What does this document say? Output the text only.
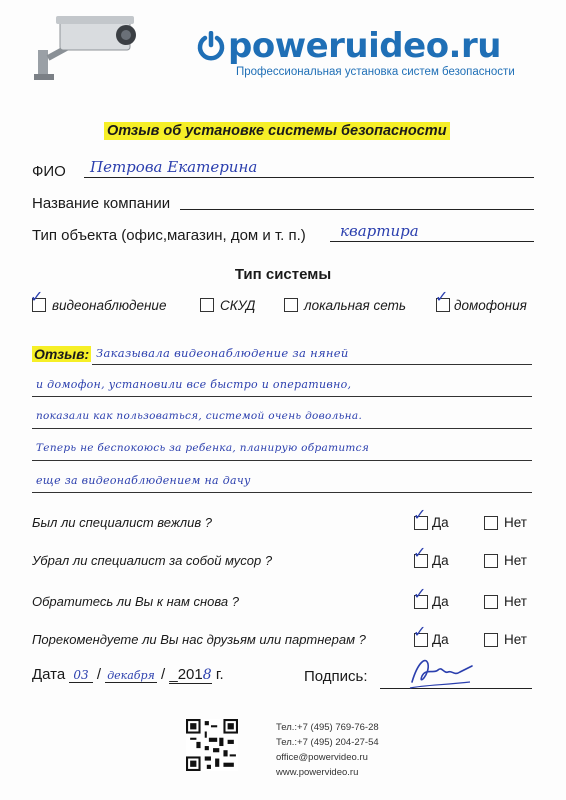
poweruideo.ru
Профессиональная установка систем безопасности
Отзыв об установке системы безопасности
ФИО Петрова Екатерина
Название компании
Тип объекта (офис,магазин, дом и т. п.) квартира
Тип системы
✓ видеонаблюдение	СКУД	локальная сеть ✓ домофония
Отзыв: Заказывала видеонаблюдение за няней
и домофон, установили все быстро и оперативно,
показали как пользоваться, системой очень довольна.
Теперь не беспокоюсь за ребенка, планирую обратится
еще за видеонаблюдением на дачу
Был ли специалист вежлив ?	✓ Да	Нет
Убрал ли специалист за собой мусор ?	✓ Да	Нет
Обратитесь ли Вы к нам снова ?	✓ Да	Нет
Порекомендуете ли Вы нас друзьям или партнерам ?	✓ Да	Нет
Дата 03 / декабря / _2018 г.	Подпись:
Тел.:+7 (495) 769-76-28
Тел.:+7 (495) 204-27-54
office@powervideo.ru
www.powervideo.ru
